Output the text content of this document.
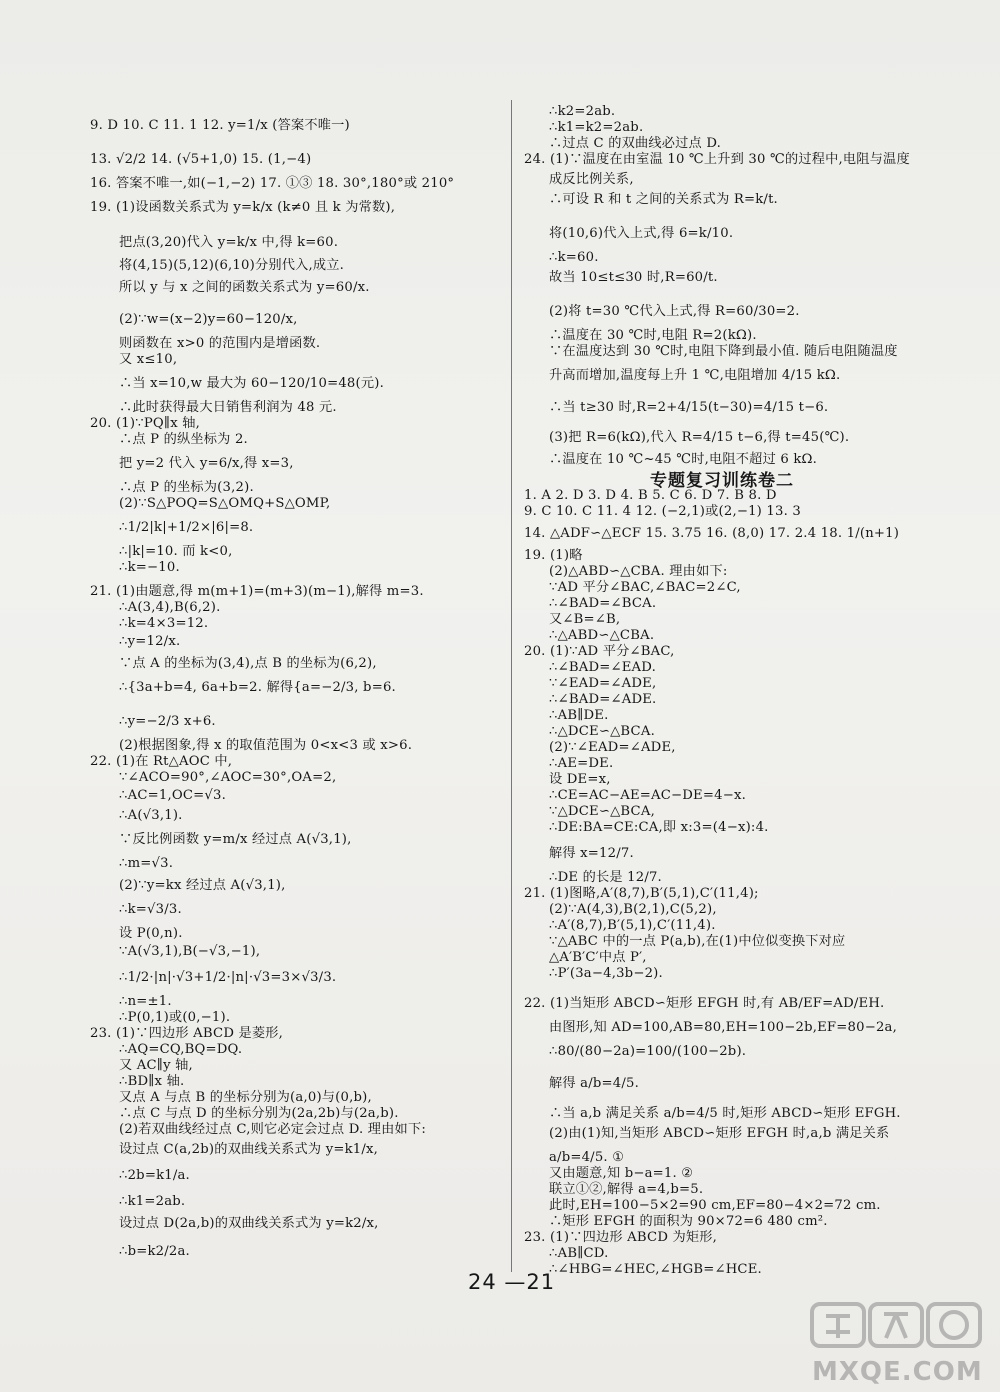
9. D 10. C 11. 1 12. y=1/x (答案不唯一)
13. √2/2 14. (√5+1,0) 15. (1,−4)
16. 答案不唯一,如(−1,−2) 17. ①③ 18. 30°,180°或 210°
19. (1)设函数关系式为 y=k/x (k≠0 且 k 为常数),
把点(3,20)代入 y=k/x 中,得 k=60.
将(4,15)(5,12)(6,10)分别代入,成立.
所以 y 与 x 之间的函数关系式为 y=60/x.
(2)∵w=(x−2)y=60−120/x,
则函数在 x>0 的范围内是增函数.
又 x≤10,
∴当 x=10,w 最大为 60−120/10=48(元).
∴此时获得最大日销售利润为 48 元.
20. (1)∵PQ∥x 轴,
∴点 P 的纵坐标为 2.
把 y=2 代入 y=6/x,得 x=3,
∴点 P 的坐标为(3,2).
(2)∵S△POQ=S△OMQ+S△OMP,
∴1/2|k|+1/2×|6|=8.
∴|k|=10. 而 k<0,
∴k=−10.
21. (1)由题意,得 m(m+1)=(m+3)(m−1),解得 m=3.
∴A(3,4),B(6,2).
∴k=4×3=12.
∴y=12/x.
∵点 A 的坐标为(3,4),点 B 的坐标为(6,2),
∴{3a+b=4, 6a+b=2. 解得{a=−2/3, b=6.
∴y=−2/3 x+6.
(2)根据图象,得 x 的取值范围为 0<x<3 或 x>6.
22. (1)在 Rt△AOC 中,
∵∠ACO=90°,∠AOC=30°,OA=2,
∴AC=1,OC=√3.
∴A(√3,1).
∵反比例函数 y=m/x 经过点 A(√3,1),
∴m=√3.
(2)∵y=kx 经过点 A(√3,1),
∴k=√3/3.
设 P(0,n).
∵A(√3,1),B(−√3,−1),
∴1/2·|n|·√3+1/2·|n|·√3=3×√3/3.
∴n=±1.
∴P(0,1)或(0,−1).
23. (1)∵四边形 ABCD 是菱形,
∴AQ=CQ,BQ=DQ.
又 AC∥y 轴,
∴BD∥x 轴.
又点 A 与点 B 的坐标分别为(a,0)与(0,b),
∴点 C 与点 D 的坐标分别为(2a,2b)与(2a,b).
(2)若双曲线经过点 C,则它必定会过点 D. 理由如下:
设过点 C(a,2b)的双曲线关系式为 y=k1/x,
∴2b=k1/a.
∴k1=2ab.
设过点 D(2a,b)的双曲线关系式为 y=k2/x,
∴b=k2/2a.
∴k2=2ab.
∴k1=k2=2ab.
∴过点 C 的双曲线必过点 D.
24. (1)∵温度在由室温 10 ℃上升到 30 ℃的过程中,电阻与温度
成反比例关系,
∴可设 R 和 t 之间的关系式为 R=k/t.
将(10,6)代入上式,得 6=k/10.
∴k=60.
故当 10≤t≤30 时,R=60/t.
(2)将 t=30 ℃代入上式,得 R=60/30=2.
∴温度在 30 ℃时,电阻 R=2(kΩ).
∵在温度达到 30 ℃时,电阻下降到最小值. 随后电阻随温度
升高而增加,温度每上升 1 ℃,电阻增加 4/15 kΩ.
∴当 t≥30 时,R=2+4/15(t−30)=4/15 t−6.
(3)把 R=6(kΩ),代入 R=4/15 t−6,得 t=45(℃).
∴温度在 10 ℃~45 ℃时,电阻不超过 6 kΩ.
专题复习训练卷二
1. A 2. D 3. D 4. B 5. C 6. D 7. B 8. D
9. C 10. C 11. 4 12. (−2,1)或(2,−1) 13. 3
14. △ADF∽△ECF 15. 3.75 16. (8,0) 17. 2.4 18. 1/(n+1)
19. (1)略
(2)△ABD∽△CBA. 理由如下:
∵AD 平分∠BAC,∠BAC=2∠C,
∴∠BAD=∠BCA.
又∠B=∠B,
∴△ABD∽△CBA.
20. (1)∵AD 平分∠BAC,
∴∠BAD=∠EAD.
∵∠EAD=∠ADE,
∴∠BAD=∠ADE.
∴AB∥DE.
∴△DCE∽△BCA.
(2)∵∠EAD=∠ADE,
∴AE=DE.
设 DE=x,
∴CE=AC−AE=AC−DE=4−x.
∵△DCE∽△BCA,
∴DE:BA=CE:CA,即 x:3=(4−x):4.
解得 x=12/7.
∴DE 的长是 12/7.
21. (1)图略,A′(8,7),B′(5,1),C′(11,4);
(2)∵A(4,3),B(2,1),C(5,2),
∴A′(8,7),B′(5,1),C′(11,4).
∵△ABC 中的一点 P(a,b),在(1)中位似变换下对应
△A′B′C′中点 P′,
∴P′(3a−4,3b−2).
22. (1)当矩形 ABCD∽矩形 EFGH 时,有 AB/EF=AD/EH.
由图形,知 AD=100,AB=80,EH=100−2b,EF=80−2a,
∴80/(80−2a)=100/(100−2b).
解得 a/b=4/5.
∴当 a,b 满足关系 a/b=4/5 时,矩形 ABCD∽矩形 EFGH.
(2)由(1)知,当矩形 ABCD∽矩形 EFGH 时,a,b 满足关系
a/b=4/5. ①
又由题意,知 b−a=1. ②
联立①②,解得 a=4,b=5.
此时,EH=100−5×2=90 cm,EF=80−4×2=72 cm.
∴矩形 EFGH 的面积为 90×72=6 480 cm².
23. (1)∵四边形 ABCD 为矩形,
∴AB∥CD.
∴∠HBG=∠HEC,∠HGB=∠HCE.
24 —21
MXQE.COM
